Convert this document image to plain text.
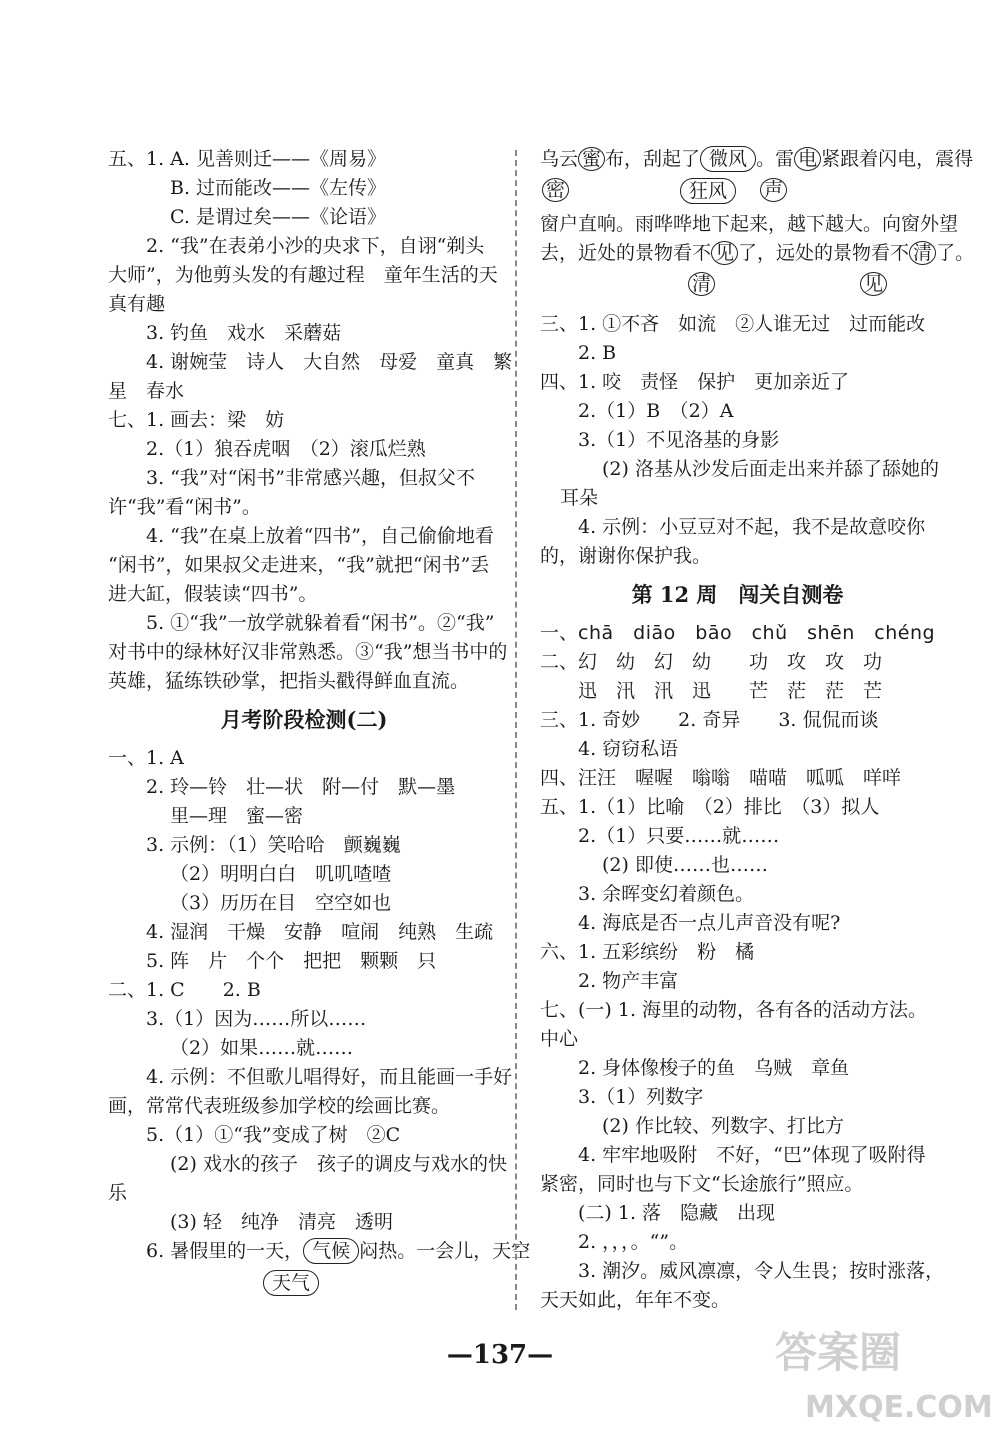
五、1. A. 见善则迁——《周易》
B. 过而能改——《左传》
C. 是谓过矣——《论语》
2. “我”在表弟小沙的央求下，自诩“剃头
大师”，为他剪头发的有趣过程　童年生活的天
真有趣
3. 钓鱼　戏水　采蘑菇
4. 谢婉莹　诗人　大自然　母爱　童真　繁
星　春水
七、1. 画去：梁　妨
2.（1）狼吞虎咽　（2）滚瓜烂熟
3. “我”对“闲书”非常感兴趣，但叔父不
许“我”看“闲书”。
4. “我”在桌上放着“四书”，自己偷偷地看
“闲书”，如果叔父走进来，“我”就把“闲书”丢
进大缸，假装读“四书”。
5. ①“我”一放学就躲着看“闲书”。②“我”
对书中的绿林好汉非常熟悉。③“我”想当书中的
英雄，猛练铁砂掌，把指头戳得鲜血直流。
月考阶段检测(二)
一、1. A
2. 玲—铃　壮—状　附—付　默—墨
里—理　蜜—密
3. 示例：（1）笑哈哈　颤巍巍
（2）明明白白　叽叽喳喳
（3）历历在目　空空如也
4. 湿润　干燥　安静　喧闹　纯熟　生疏
5. 阵　片　个个　把把　颗颗　只
二、1. C　　2. B
3.（1）因为……所以……
（2）如果……就……
4. 示例：不但歌儿唱得好，而且能画一手好
画，常常代表班级参加学校的绘画比赛。
5.（1）①“我”变成了树　②C
(2) 戏水的孩子　孩子的调皮与戏水的快
乐
(3) 轻　纯净　清亮　透明
6. 暑假里的一天， 气候 闷热。一会儿，天空
天气
乌云 蜜 布，刮起了 微风 。雷 电 紧跟着闪电，震得
密	狂风	声
窗户直响。雨哗哗地下起来，越下越大。向窗外望
去，近处的景物看不 见 了，远处的景物看不 清 了。
清	见
三、1. ①不吝　如流　②人谁无过　过而能改
2. B
四、1. 咬　责怪　保护　更加亲近了
2.（1）B　（2）A
3.（1）不见洛基的身影
(2) 洛基从沙发后面走出来并舔了舔她的
耳朵
4. 示例：小豆豆对不起，我不是故意咬你
的，谢谢你保护我。
第 12 周　闯关自测卷
一、chā　diāo　bāo　chǔ　shēn　chéng
二、幻　幼　幻　幼　　功　攻　攻　功
迅　汛　汛　迅　　芒　茫　茫　芒
三、1. 奇妙　　2. 奇异　　3. 侃侃而谈
4. 窃窃私语
四、汪汪　喔喔　嗡嗡　喵喵　呱呱　咩咩
五、1.（1）比喻　（2）排比　（3）拟人
2.（1）只要……就……
(2) 即使……也……
3. 余晖变幻着颜色。
4. 海底是否一点儿声音没有呢?
六、1. 五彩缤纷　粉　橘
2. 物产丰富
七、(一) 1. 海里的动物，各有各的活动方法。
中心
2. 身体像梭子的鱼　乌贼　章鱼
3.（1）列数字
(2) 作比较、列数字、打比方
4. 牢牢地吸附　不好，“巴”体现了吸附得
紧密，同时也与下文“长途旅行”照应。
(二) 1. 落　隐藏　出现
2. ，，，。“”。
3. 潮汐。威风凛凛，令人生畏；按时涨落，
天天如此，年年不变。
—137—	答案圈
MXQE.COM
